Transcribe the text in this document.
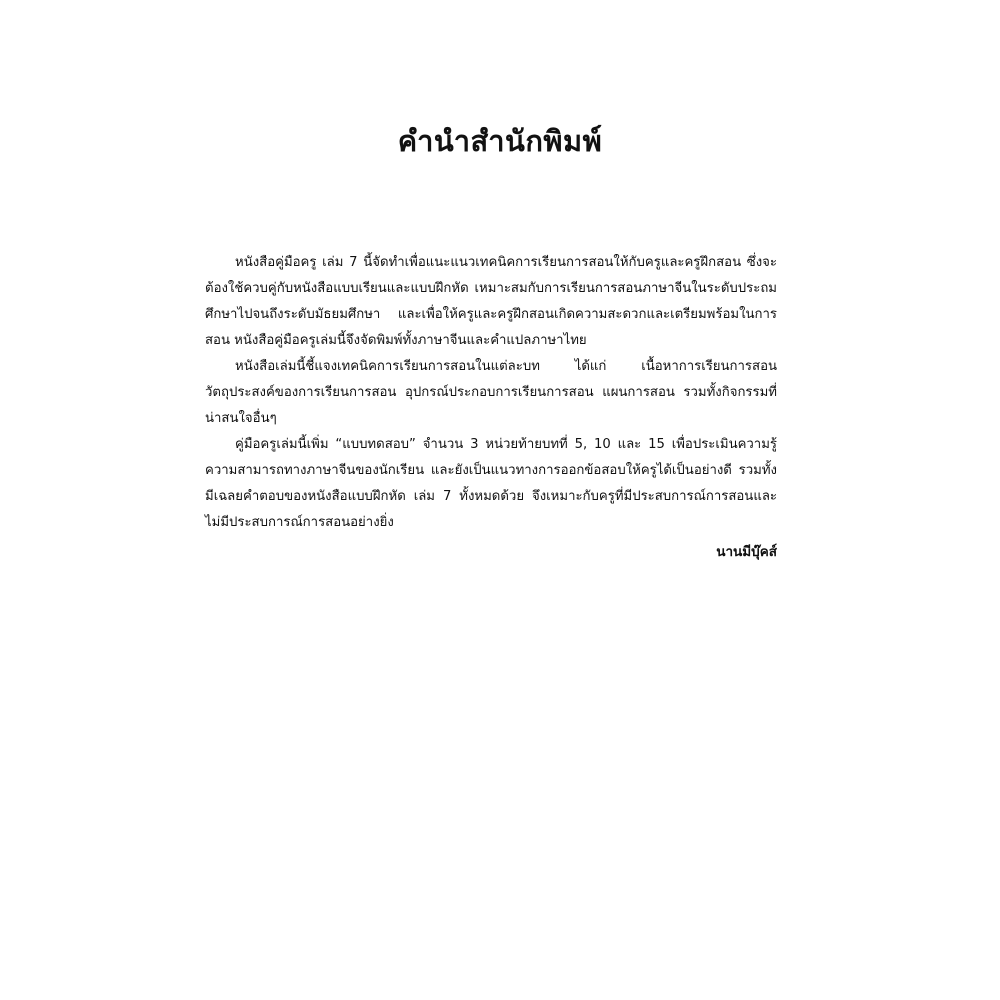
คำนำสำนักพิมพ์

หนังสือคู่มือครู เล่ม 7 นี้จัดทำเพื่อแนะแนวเทคนิคการเรียนการสอนให้กับครูและครูฝึกสอน ซึ่งจะต้องใช้ควบคู่กับหนังสือแบบเรียนและแบบฝึกหัด เหมาะสมกับการเรียนการสอนภาษาจีนในระดับประถมศึกษาไปจนถึงระดับมัธยมศึกษา และเพื่อให้ครูและครูฝึกสอนเกิดความสะดวกและเตรียมพร้อมในการสอน หนังสือคู่มือครูเล่มนี้จึงจัดพิมพ์ทั้งภาษาจีนและคำแปลภาษาไทย

หนังสือเล่มนี้ชี้แจงเทคนิคการเรียนการสอนในแต่ละบท ได้แก่ เนื้อหาการเรียนการสอน วัตถุประสงค์ของการเรียนการสอน อุปกรณ์ประกอบการเรียนการสอน แผนการสอน รวมทั้งกิจกรรมที่น่าสนใจอื่นๆ

คู่มือครูเล่มนี้เพิ่ม “แบบทดสอบ” จำนวน 3 หน่วยท้ายบทที่ 5, 10 และ 15 เพื่อประเมินความรู้ความสามารถทางภาษาจีนของนักเรียน และยังเป็นแนวทางการออกข้อสอบให้ครูได้เป็นอย่างดี รวมทั้งมีเฉลยคำตอบของหนังสือแบบฝึกหัด เล่ม 7 ทั้งหมดด้วย จึงเหมาะกับครูที่มีประสบการณ์การสอนและไม่มีประสบการณ์การสอนอย่างยิ่ง

นานมีบุ๊คส์
